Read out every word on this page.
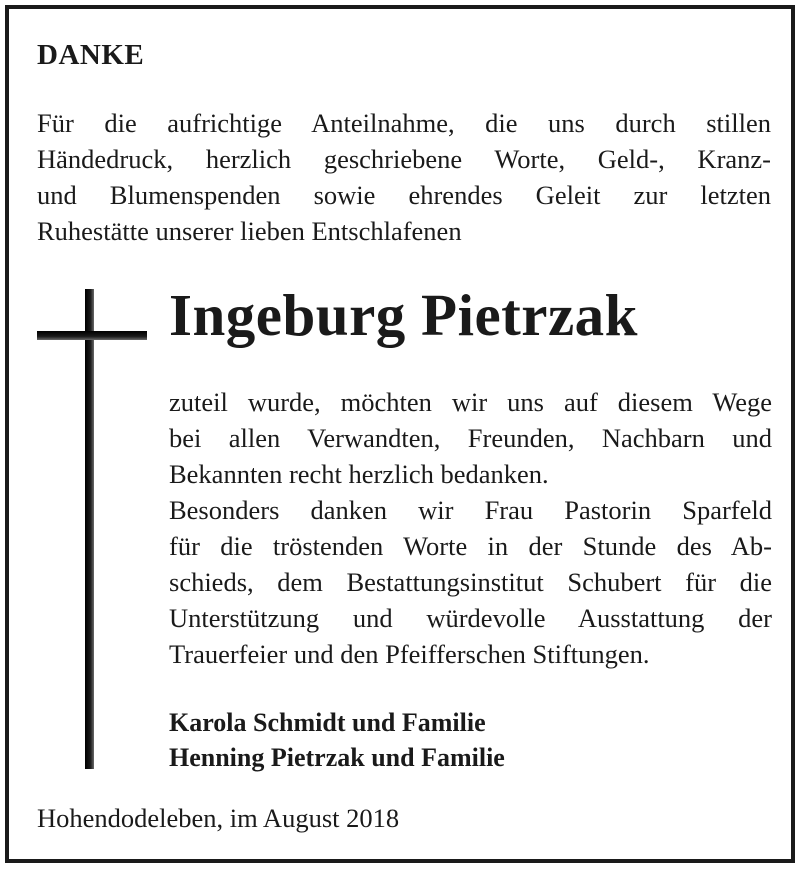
DANKE

Für die aufrichtige Anteilnahme, die uns durch stillen
Händedruck, herzlich geschriebene Worte, Geld-, Kranz-
und Blumenspenden sowie ehrendes Geleit zur letzten
Ruhestätte unserer lieben Entschlafenen

Ingeburg Pietrzak

zuteil wurde, möchten wir uns auf diesem Wege
bei allen Verwandten, Freunden, Nachbarn und
Bekannten recht herzlich bedanken.
Besonders danken wir Frau Pastorin Sparfeld
für die tröstenden Worte in der Stunde des Ab-
schieds, dem Bestattungsinstitut Schubert für die
Unterstützung und würdevolle Ausstattung der
Trauerfeier und den Pfeifferschen Stiftungen.

Karola Schmidt und Familie
Henning Pietrzak und Familie

Hohendodeleben, im August 2018
